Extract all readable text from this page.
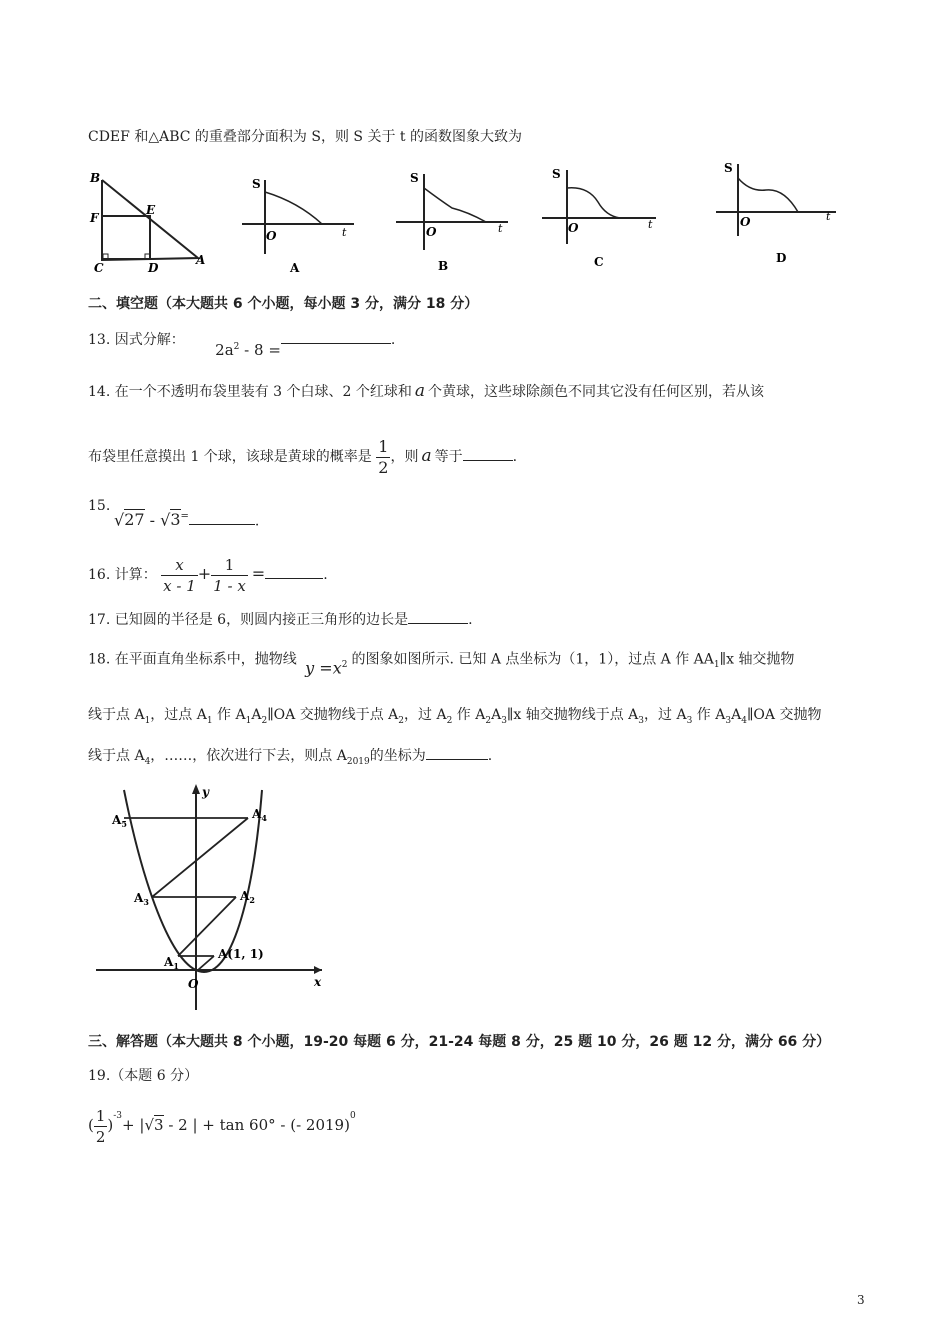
CDEF 和△ABC 的重叠部分面积为 S，则 S 关于 t 的函数图象大致为
B
F
E
C	D
A
S
O	t
A
S
O	t
B
S
O	t
C
S
O	t
D
二、填空题（本大题共 6 个小题，每小题 3 分，满分 18 分）
13. 因式分解： $2a^2 - 8$ =.
14. 在一个不透明布袋里装有 3 个白球、2 个红球和 a 个黄球，这些球除颜色不同其它没有任何区别，若从该
布袋里任意摸出 1 个球，该球是黄球的概率是 $\frac{1}{2}$ ，则 a 等于	.
15.
√27 - √3=	.
16. 计算： $\frac{x}{x - 1} + \frac{1}{1 - x}$ =	.
17. 已知圆的半径是 6，则圆内接正三角形的边长是	.
18. 在平面直角坐标系中，抛物线 $y =x^2$ 的图象如图所示. 已知 A 点坐标为（1，1），过点 A 作 $AA_1\parallel x$ 轴交抛物
线于点 $A_1$，过点 $A_1$ 作 $A_1A_2\parallel OA$ 交抛物线于点 $A_2$，过 $A_2$ 作 $A_2A_3\parallel x$ 轴交抛物线于点 $A_3$，过 $A_3$ 作 $A_3A_4\parallel OA$ 交抛物
线于点 $A_4$，……，依次进行下去，则点 $A_{2019}$的坐标为	.
y
x
O
$A_5$
$A_4$
$A_3$	$A_2$
$A_1$
A(1, 1)
三、解答题（本大题共 8 个小题，19-20 每题 6 分，21-24 每题 8 分，25 题 10 分，26 题 12 分，满分 66 分）
19.（本题 6 分）
( $\frac{1}{2} )^{-3}+ |√3 - 2$ | + tan 60° - (- 2019)$^0$
3
